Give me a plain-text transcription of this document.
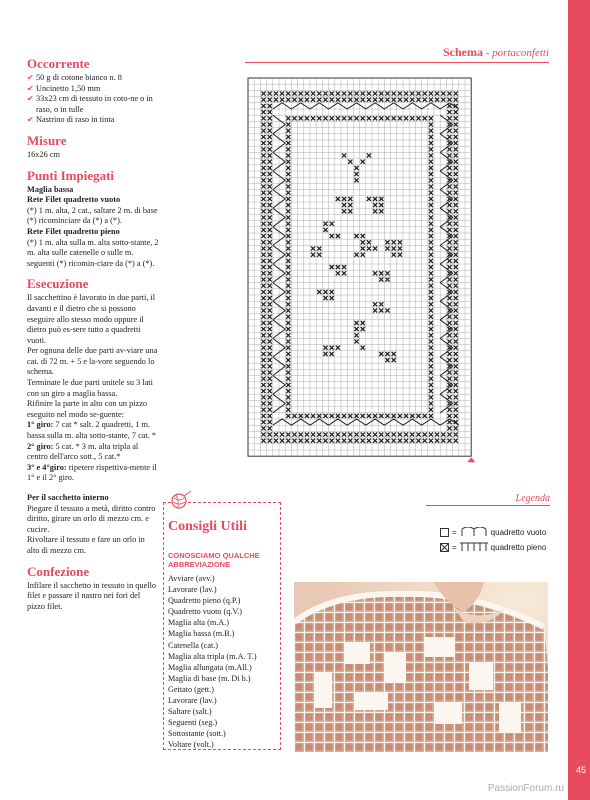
45
Occorrente
✔ 50 g di cotone bianco n. 8
✔ Uncinetto 1,50 mm
✔ 33x23 cm di tessuto in coto-ne o in raso, o in tulle
✔ Nastrino di raso in tinta
Misure

16x26 cm

Punti Impiegati

Maglia bassa

Rete Filet quadretto vuoto

(*) 1 m. alta, 2 cat., saltare 2 m. di base (*) ricominciare da (*) a (*).

Rete Filet quadretto pieno

(*) 1 m. alta sulla m. alta sotto-stante, 2 m. alta sulle catenelle o sulle m. seguenti (*) ricomin-ciare da (*) a (*).

Esecuzione

Il sacchettino è lavorato in due parti, il davanti e il dietro che si possono eseguire allo stesso modo oppure il dietro può es-sere tutto a quadretti vuoti.

Per ognuna delle due parti av-viare una cat. di 72 m. + 5 e la-vore seguendo lo schema.

Terminate le due parti unitele su 3 lati con un giro a maglia bassa.

Rifinire la parte in alto con un pizzo eseguito nel modo se-guente:

1° giro: 7 cat * salt. 2 quadretti, 1 m. bassa sulla m. alta sotto-stante, 7 cat. *

2° giro: 5 cat. * 3 m. alta tripla al centro dell'arco sott., 5 cat.*

3° e 4°giro: ripetere rispettiva-mente il 1° e il 2° giro.

Per il sacchetto interno

Piegare il tessuto a metà, diritto contro diritto, girare un orlo di mezzo cm. e cucire.

Rivoltare il tessuto e fare un orlo in alto di mezzo cm.

Confezione

Infilare il sacchetto in tessuto in quello filet e passare il nastro nei fori del pizzo filet.

Schema - portaconfetti
Legenda
=	quadretto vuoto
=	quadretto pieno
Consigli Utili
CONOSCIAMO QUALCHE ABBREVIAZIONE
Avviare (avv.)
Lavorare (lav.)
Quadretto pieno (q.P.)
Quadretto vuoto (q.V.)
Maglia alta (m.A.)
Maglia bassa (m.B.)
Catenella (cat.)
Maglia alta tripla (m.A. T.)
Maglia allungata (m.All.)
Maglia di base (m. Di b.)
Gettato (gett.)
Lavorare (lav.)
Saltare (salt.)
Seguenti (seg.)
Sottostante (sott.)
Voltare (volt.)
PassionForum.ru
